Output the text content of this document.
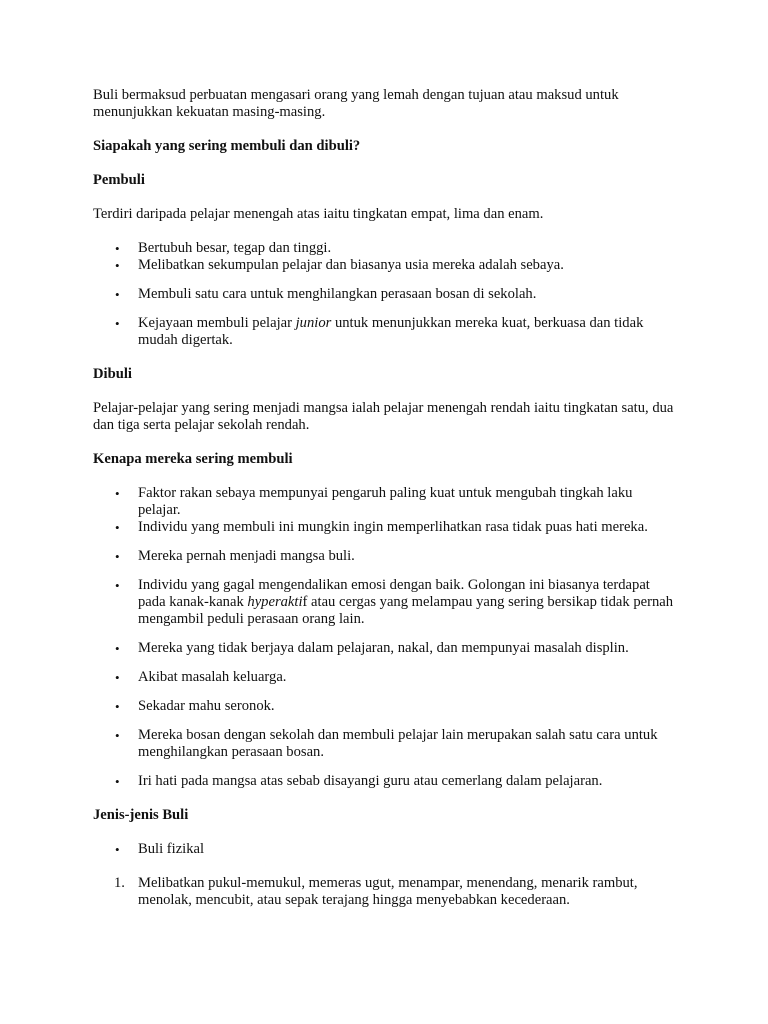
Buli bermaksud perbuatan mengasari orang yang lemah dengan tujuan atau maksud untuk menunjukkan kekuatan masing-masing.

Siapakah yang sering membuli dan dibuli?

Pembuli

Terdiri daripada pelajar menengah atas iaitu tingkatan empat, lima dan enam.

• Bertubuh besar, tegap dan tinggi.
• Melibatkan sekumpulan pelajar dan biasanya usia mereka adalah sebaya.
• Membuli satu cara untuk menghilangkan perasaan bosan di sekolah.
• Kejayaan membuli pelajar junior untuk menunjukkan mereka kuat, berkuasa dan tidak mudah digertak.

Dibuli

Pelajar-pelajar yang sering menjadi mangsa ialah pelajar menengah rendah iaitu tingkatan satu, dua dan tiga serta pelajar sekolah rendah.

Kenapa mereka sering membuli

• Faktor rakan sebaya mempunyai pengaruh paling kuat untuk mengubah tingkah laku pelajar.
• Individu yang membuli ini mungkin ingin memperlihatkan rasa tidak puas hati mereka.
• Mereka pernah menjadi mangsa buli.
• Individu yang gagal mengendalikan emosi dengan baik. Golongan ini biasanya terdapat pada kanak-kanak hyperaktif atau cergas yang melampau yang sering bersikap tidak pernah mengambil peduli perasaan orang lain.
• Mereka yang tidak berjaya dalam pelajaran, nakal, dan mempunyai masalah displin.
• Akibat masalah keluarga.
• Sekadar mahu seronok.
• Mereka bosan dengan sekolah dan membuli pelajar lain merupakan salah satu cara untuk menghilangkan perasaan bosan.
• Iri hati pada mangsa atas sebab disayangi guru atau cemerlang dalam pelajaran.

Jenis-jenis Buli

• Buli fizikal
1. Melibatkan pukul-memukul, memeras ugut, menampar, menendang, menarik rambut, menolak, mencubit, atau sepak terajang hingga menyebabkan kecederaan.
